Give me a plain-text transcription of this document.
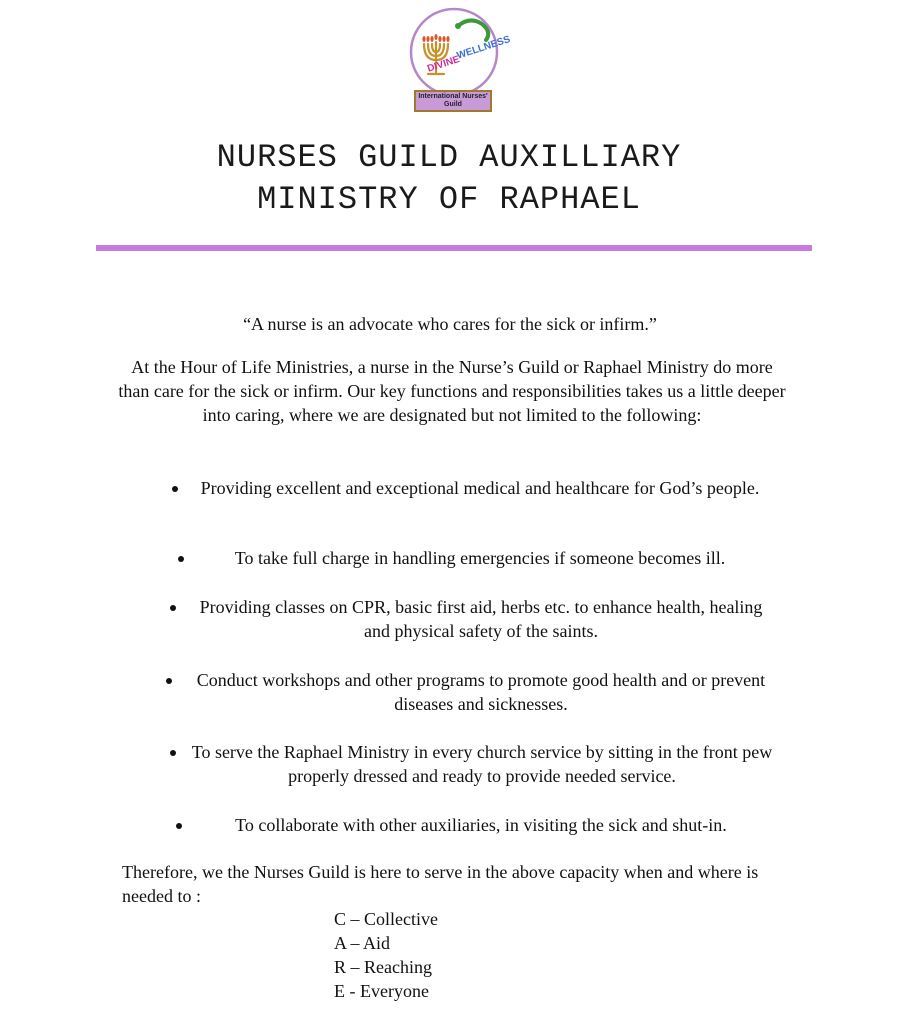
DIVINE
WELLNESS
International Nurses' Guild
NURSES GUILD AUXILLIARY
MINISTRY OF RAPHAEL
“A nurse is an advocate who cares for the sick or infirm.”
At the Hour of Life Ministries, a nurse in the Nurse’s Guild or Raphael Ministry do more than care for the sick or infirm. Our key functions and responsibilities takes us a little deeper into caring, where we are designated but not limited to the following:
Providing excellent and exceptional medical and healthcare for God’s people.
To take full charge in handling emergencies if someone becomes ill.
Providing classes on CPR, basic first aid, herbs etc. to enhance health, healing and physical safety of the saints.
Conduct workshops and other programs to promote good health and or prevent diseases and sicknesses.
To serve the Raphael Ministry in every church service by sitting in the front pew properly dressed and ready to provide needed service.
To collaborate with other auxiliaries, in visiting the sick and shut-in.
Therefore, we the Nurses Guild is here to serve in the above capacity when and where is needed to :
C – Collective
A – Aid
R – Reaching
E - Everyone
